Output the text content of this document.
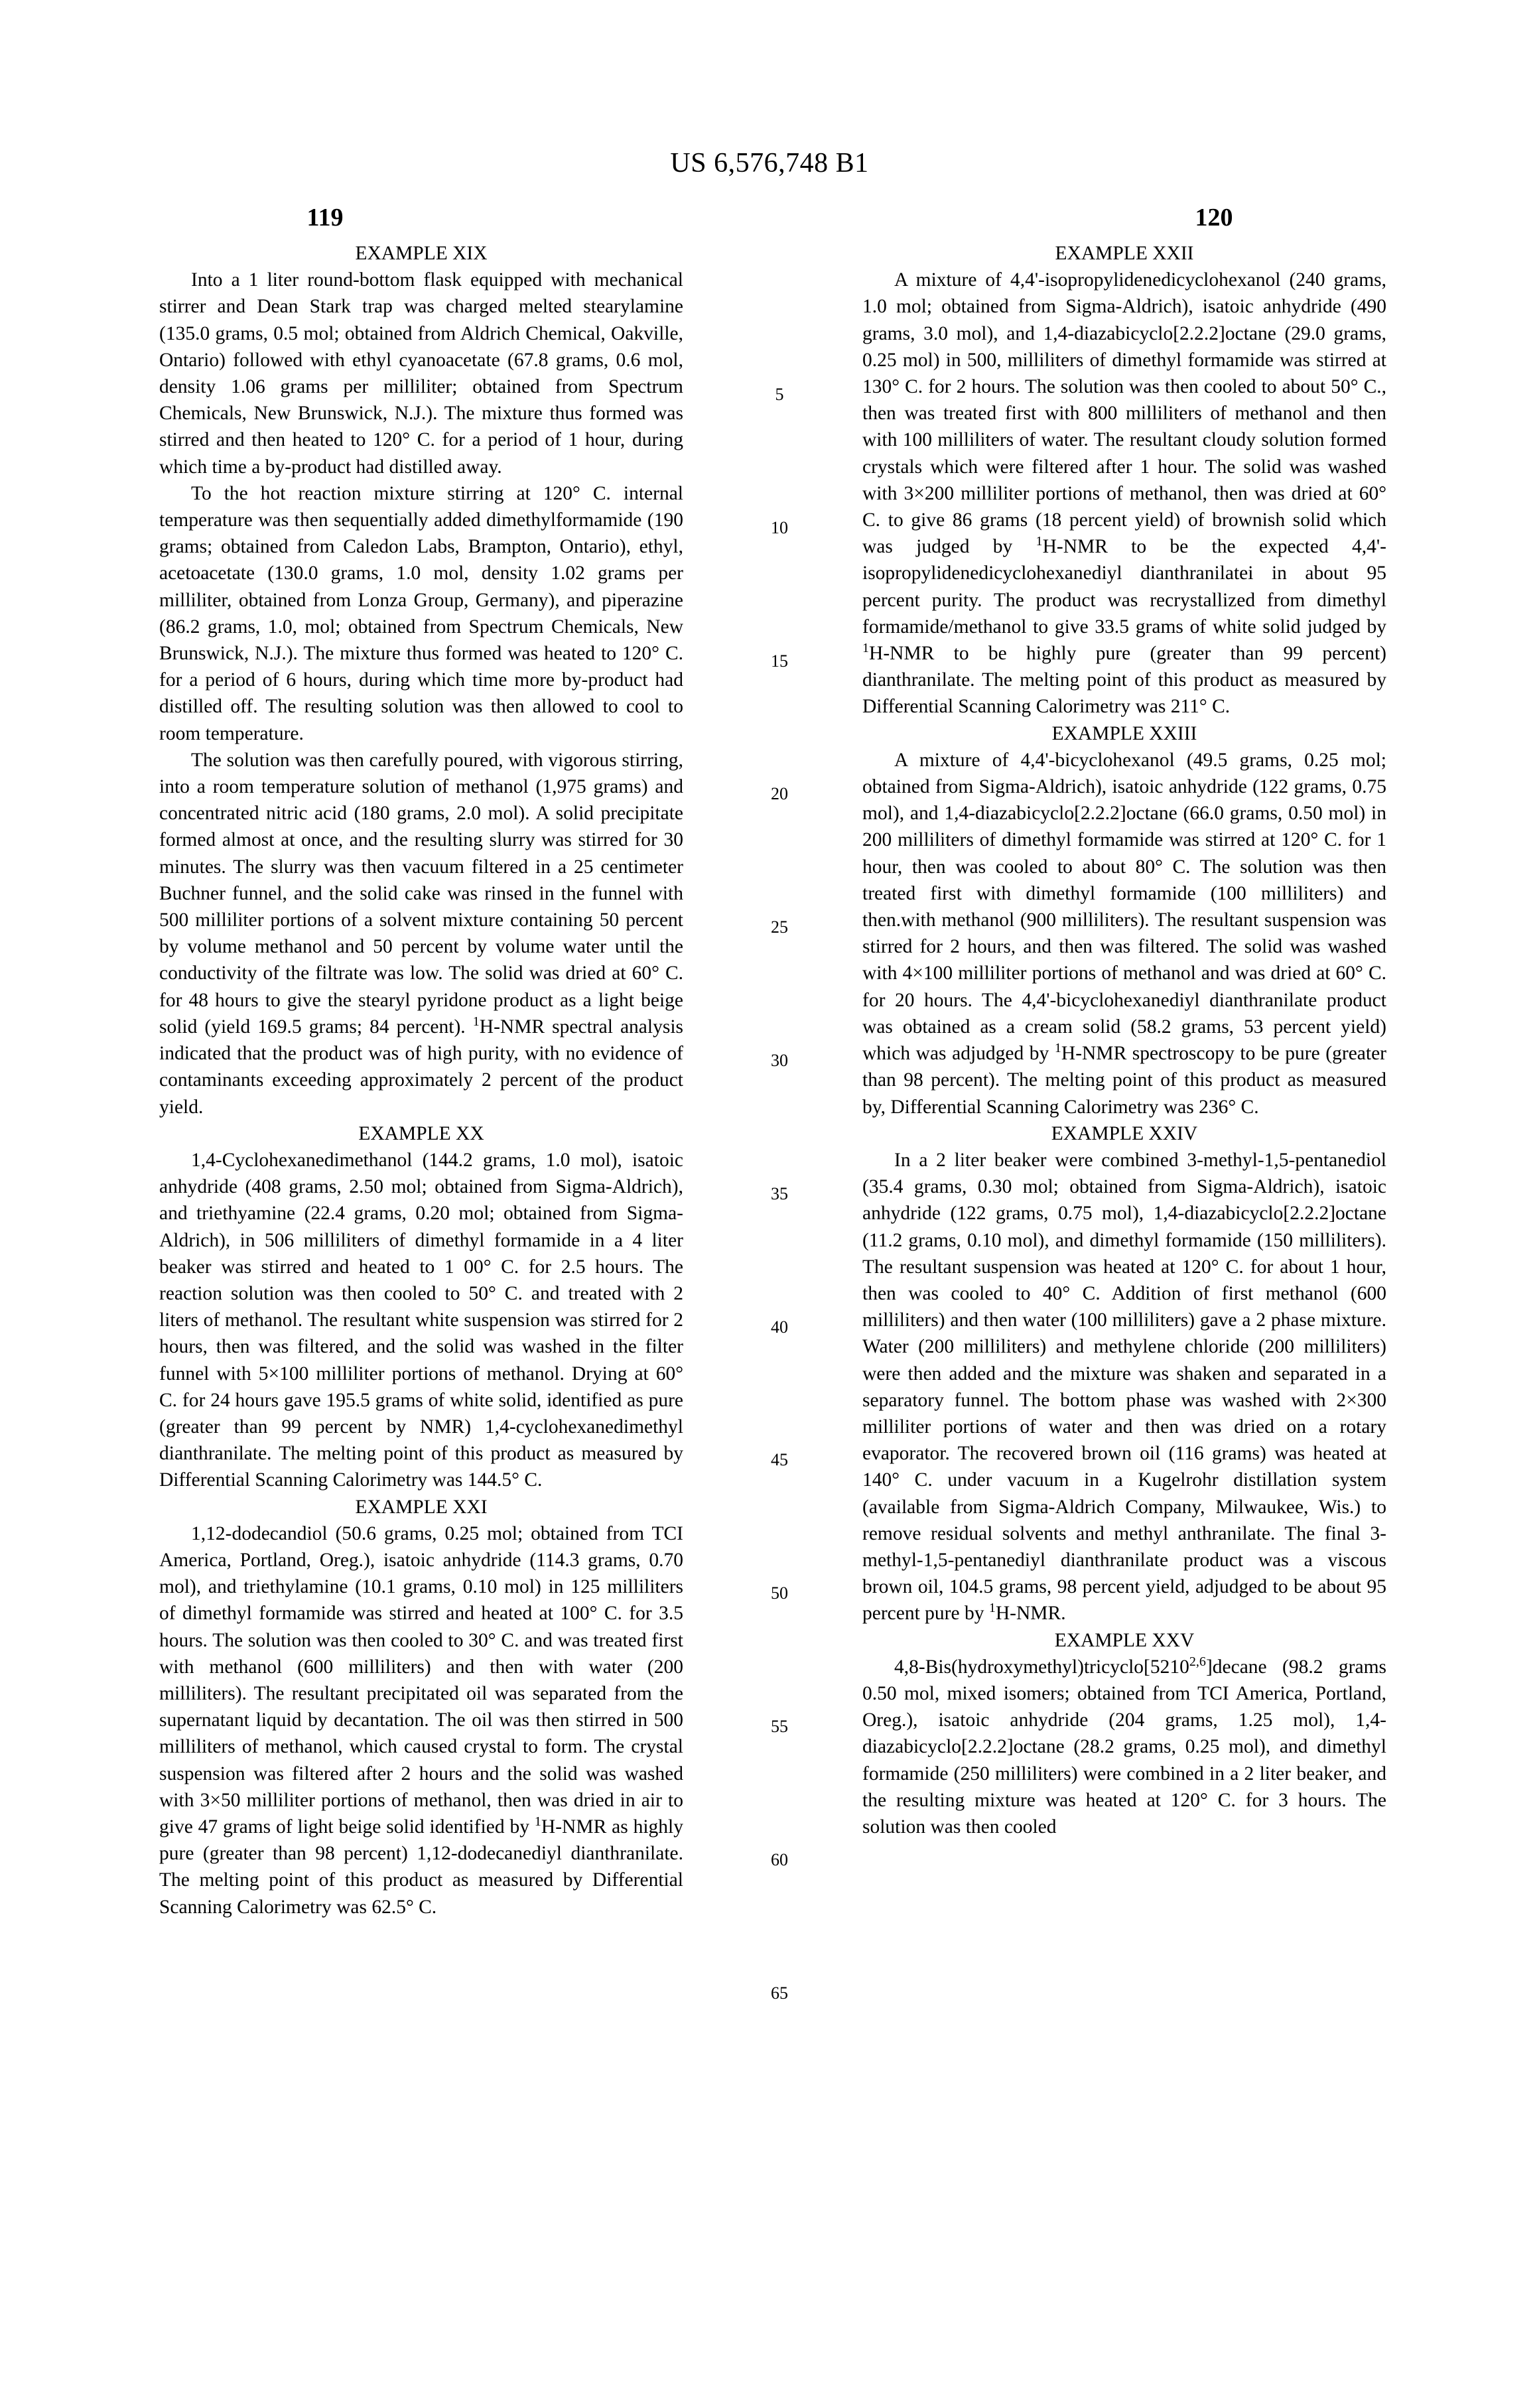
US 6,576,748 B1
119	120
EXAMPLE XIX

Into a 1 liter round-bottom flask equipped with mechanical stirrer and Dean Stark trap was charged melted stearylamine (135.0 grams, 0.5 mol; obtained from Aldrich Chemical, Oakville, Ontario) followed with ethyl cyanoacetate (67.8 grams, 0.6 mol, density 1.06 grams per milliliter; obtained from Spectrum Chemicals, New Brunswick, N.J.). The mixture thus formed was stirred and then heated to 120° C. for a period of 1 hour, during which time a by-product had distilled away.

To the hot reaction mixture stirring at 120° C. internal temperature was then sequentially added dimethylformamide (190 grams; obtained from Caledon Labs, Brampton, Ontario), ethyl, acetoacetate (130.0 grams, 1.0 mol, density 1.02 grams per milliliter, obtained from Lonza Group, Germany), and piperazine (86.2 grams, 1.0, mol; obtained from Spectrum Chemicals, New Brunswick, N.J.). The mixture thus formed was heated to 120° C. for a period of 6 hours, during which time more by-product had distilled off. The resulting solution was then allowed to cool to room temperature.

The solution was then carefully poured, with vigorous stirring, into a room temperature solution of methanol (1,975 grams) and concentrated nitric acid (180 grams, 2.0 mol). A solid precipitate formed almost at once, and the resulting slurry was stirred for 30 minutes. The slurry was then vacuum filtered in a 25 centimeter Buchner funnel, and the solid cake was rinsed in the funnel with 500 milliliter portions of a solvent mixture containing 50 percent by volume methanol and 50 percent by volume water until the conductivity of the filtrate was low. The solid was dried at 60° C. for 48 hours to give the stearyl pyridone product as a light beige solid (yield 169.5 grams; 84 percent). $^1$H-NMR spectral analysis indicated that the product was of high purity, with no evidence of contaminants exceeding approximately 2 percent of the product yield.

EXAMPLE XX

1,4-Cyclohexanedimethanol (144.2 grams, 1.0 mol), isatoic anhydride (408 grams, 2.50 mol; obtained from Sigma-Aldrich), and triethyamine (22.4 grams, 0.20 mol; obtained from Sigma-Aldrich), in 506 milliliters of dimethyl formamide in a 4 liter beaker was stirred and heated to 1 00° C. for 2.5 hours. The reaction solution was then cooled to 50° C. and treated with 2 liters of methanol. The resultant white suspension was stirred for 2 hours, then was filtered, and the solid was washed in the filter funnel with 5×100 milliliter portions of methanol. Drying at 60° C. for 24 hours gave 195.5 grams of white solid, identified as pure (greater than 99 percent by NMR) 1,4-cyclohexanedimethyl dianthranilate. The melting point of this product as measured by Differential Scanning Calorimetry was 144.5° C.

EXAMPLE XXI

1,12-dodecandiol (50.6 grams, 0.25 mol; obtained from TCI America, Portland, Oreg.), isatoic anhydride (114.3 grams, 0.70 mol), and triethylamine (10.1 grams, 0.10 mol) in 125 milliliters of dimethyl formamide was stirred and heated at 100° C. for 3.5 hours. The solution was then cooled to 30° C. and was treated first with methanol (600 milliliters) and then with water (200 milliliters). The resultant precipitated oil was separated from the supernatant liquid by decantation. The oil was then stirred in 500 milliliters of methanol, which caused crystal to form. The crystal suspension was filtered after 2 hours and the solid was washed with 3×50 milliliter portions of methanol, then was dried in air to give 47 grams of light beige solid identified by $^1$H-NMR as highly pure (greater than 98 percent) 1,12-dodecanediyl dianthranilate. The melting point of this product as measured by Differential Scanning Calorimetry was 62.5° C.

EXAMPLE XXII

A mixture of 4,4'-isopropylidenedicyclohexanol (240 grams, 1.0 mol; obtained from Sigma-Aldrich), isatoic anhydride (490 grams, 3.0 mol), and 1,4-diazabicyclo[2.2.2]octane (29.0 grams, 0.25 mol) in 500, milliliters of dimethyl formamide was stirred at 130° C. for 2 hours. The solution was then cooled to about 50° C., then was treated first with 800 milliliters of methanol and then with 100 milliliters of water. The resultant cloudy solution formed crystals which were filtered after 1 hour. The solid was washed with 3×200 milliliter portions of methanol, then was dried at 60° C. to give 86 grams (18 percent yield) of brownish solid which was judged by $^1$H-NMR to be the expected 4,4'-isopropylidenedicyclohexanediyl dianthranilatei in about 95 percent purity. The product was recrystallized from dimethyl formamide/methanol to give 33.5 grams of white solid judged by $^1$H-NMR to be highly pure (greater than 99 percent) dianthranilate. The melting point of this product as measured by Differential Scanning Calorimetry was 211° C.

EXAMPLE XXIII

A mixture of 4,4'-bicyclohexanol (49.5 grams, 0.25 mol; obtained from Sigma-Aldrich), isatoic anhydride (122 grams, 0.75 mol), and 1,4-diazabicyclo[2.2.2]octane (66.0 grams, 0.50 mol) in 200 milliliters of dimethyl formamide was stirred at 120° C. for 1 hour, then was cooled to about 80° C. The solution was then treated first with dimethyl formamide (100 milliliters) and then.with methanol (900 milliliters). The resultant suspension was stirred for 2 hours, and then was filtered. The solid was washed with 4×100 milliliter portions of methanol and was dried at 60° C. for 20 hours. The 4,4'-bicyclohexanediyl dianthranilate product was obtained as a cream solid (58.2 grams, 53 percent yield) which was adjudged by $^1$H-NMR spectroscopy to be pure (greater than 98 percent). The melting point of this product as measured by, Differential Scanning Calorimetry was 236° C.

EXAMPLE XXIV

In a 2 liter beaker were combined 3-methyl-1,5-pentanediol (35.4 grams, 0.30 mol; obtained from Sigma-Aldrich), isatoic anhydride (122 grams, 0.75 mol), 1,4-diazabicyclo[2.2.2]octane (11.2 grams, 0.10 mol), and dimethyl formamide (150 milliliters). The resultant suspension was heated at 120° C. for about 1 hour, then was cooled to 40° C. Addition of first methanol (600 milliliters) and then water (100 milliliters) gave a 2 phase mixture. Water (200 milliliters) and methylene chloride (200 milliliters) were then added and the mixture was shaken and separated in a separatory funnel. The bottom phase was washed with 2×300 milliliter portions of water and then was dried on a rotary evaporator. The recovered brown oil (116 grams) was heated at 140° C. under vacuum in a Kugelrohr distillation system (available from Sigma-Aldrich Company, Milwaukee, Wis.) to remove residual solvents and methyl anthranilate. The final 3-methyl-1,5-pentanediyl dianthranilate product was a viscous brown oil, 104.5 grams, 98 percent yield, adjudged to be about 95 percent pure by $^1$H-NMR.

EXAMPLE XXV

4,8-Bis(hydroxymethyl)tricyclo[5210$^{2,6}$]decane (98.2 grams 0.50 mol, mixed isomers; obtained from TCI America, Portland, Oreg.), isatoic anhydride (204 grams, 1.25 mol), 1,4-diazabicyclo[2.2.2]octane (28.2 grams, 0.25 mol), and dimethyl formamide (250 milliliters) were combined in a 2 liter beaker, and the resulting mixture was heated at 120° C. for 3 hours. The solution was then cooled

5
10
15
20
25
30
35
40
45
50
55
60
65
